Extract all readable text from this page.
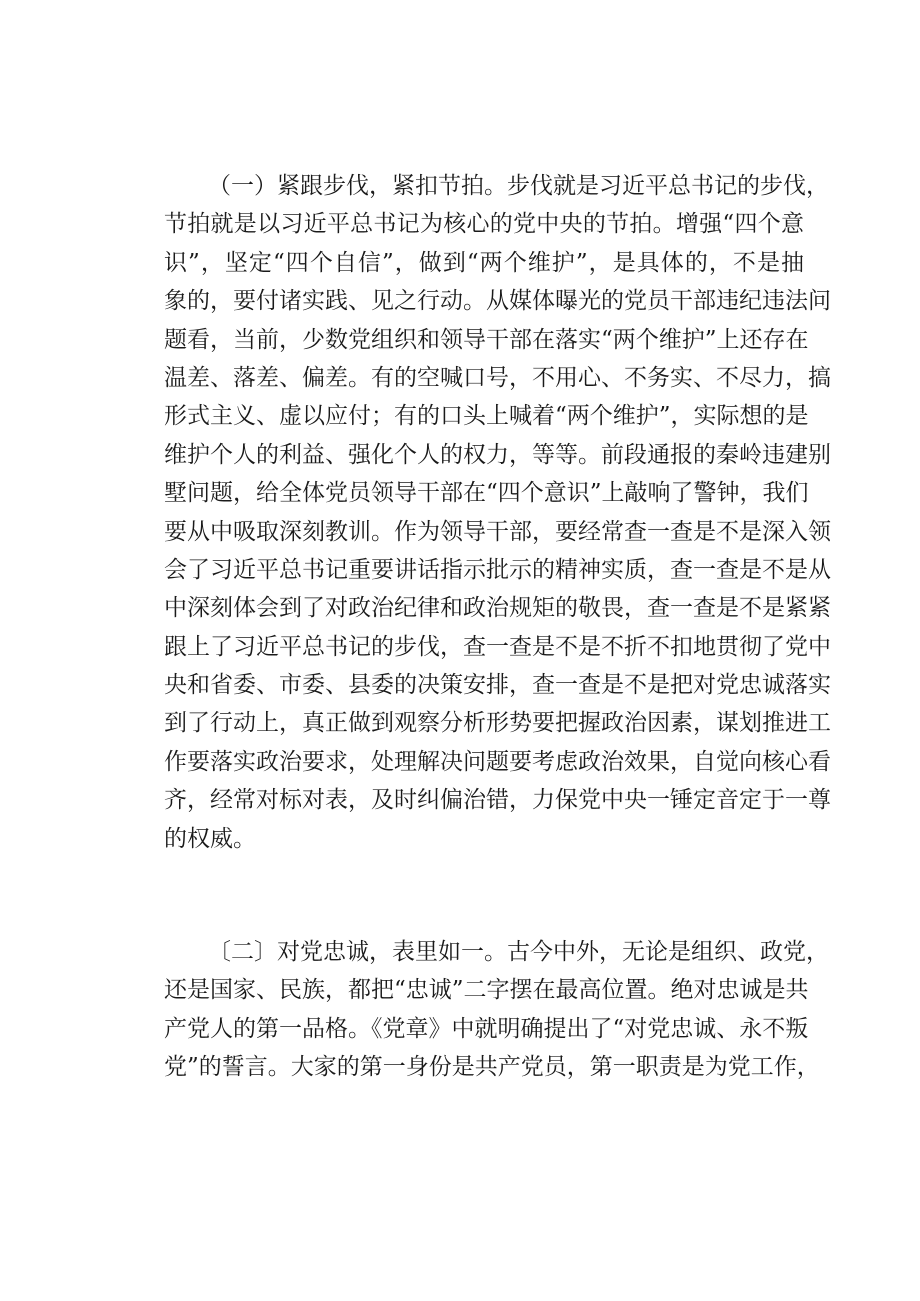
（一）紧跟步伐，紧扣节拍。步伐就是习近平总书记的步伐，
节拍就是以习近平总书记为核心的党中央的节拍。增强“四个意
识”，坚定“四个自信”，做到“两个维护”，是具体的，不是抽
象的，要付诸实践、见之行动。从媒体曝光的党员干部违纪违法问
题看，当前，少数党组织和领导干部在落实“两个维护”上还存在
温差、落差、偏差。有的空喊口号，不用心、不务实、不尽力，搞
形式主义、虚以应付；有的口头上喊着“两个维护”，实际想的是
维护个人的利益、强化个人的权力，等等。前段通报的秦岭违建别
墅问题，给全体党员领导干部在“四个意识”上敲响了警钟，我们
要从中吸取深刻教训。作为领导干部，要经常查一查是不是深入领
会了习近平总书记重要讲话指示批示的精神实质，查一查是不是从
中深刻体会到了对政治纪律和政治规矩的敬畏，查一查是不是紧紧
跟上了习近平总书记的步伐，查一查是不是不折不扣地贯彻了党中
央和省委、市委、县委的决策安排，查一查是不是把对党忠诚落实
到了行动上，真正做到观察分析形势要把握政治因素，谋划推进工
作要落实政治要求，处理解决问题要考虑政治效果，自觉向核心看
齐，经常对标对表，及时纠偏治错，力保党中央一锤定音定于一尊
的权威。
〔二〕对党忠诚，表里如一。古今中外，无论是组织、政党，
还是国家、民族，都把“忠诚”二字摆在最高位置。绝对忠诚是共
产党人的第一品格。《党章》中就明确提出了“对党忠诚、永不叛
党”的誓言。大家的第一身份是共产党员，第一职责是为党工作，
